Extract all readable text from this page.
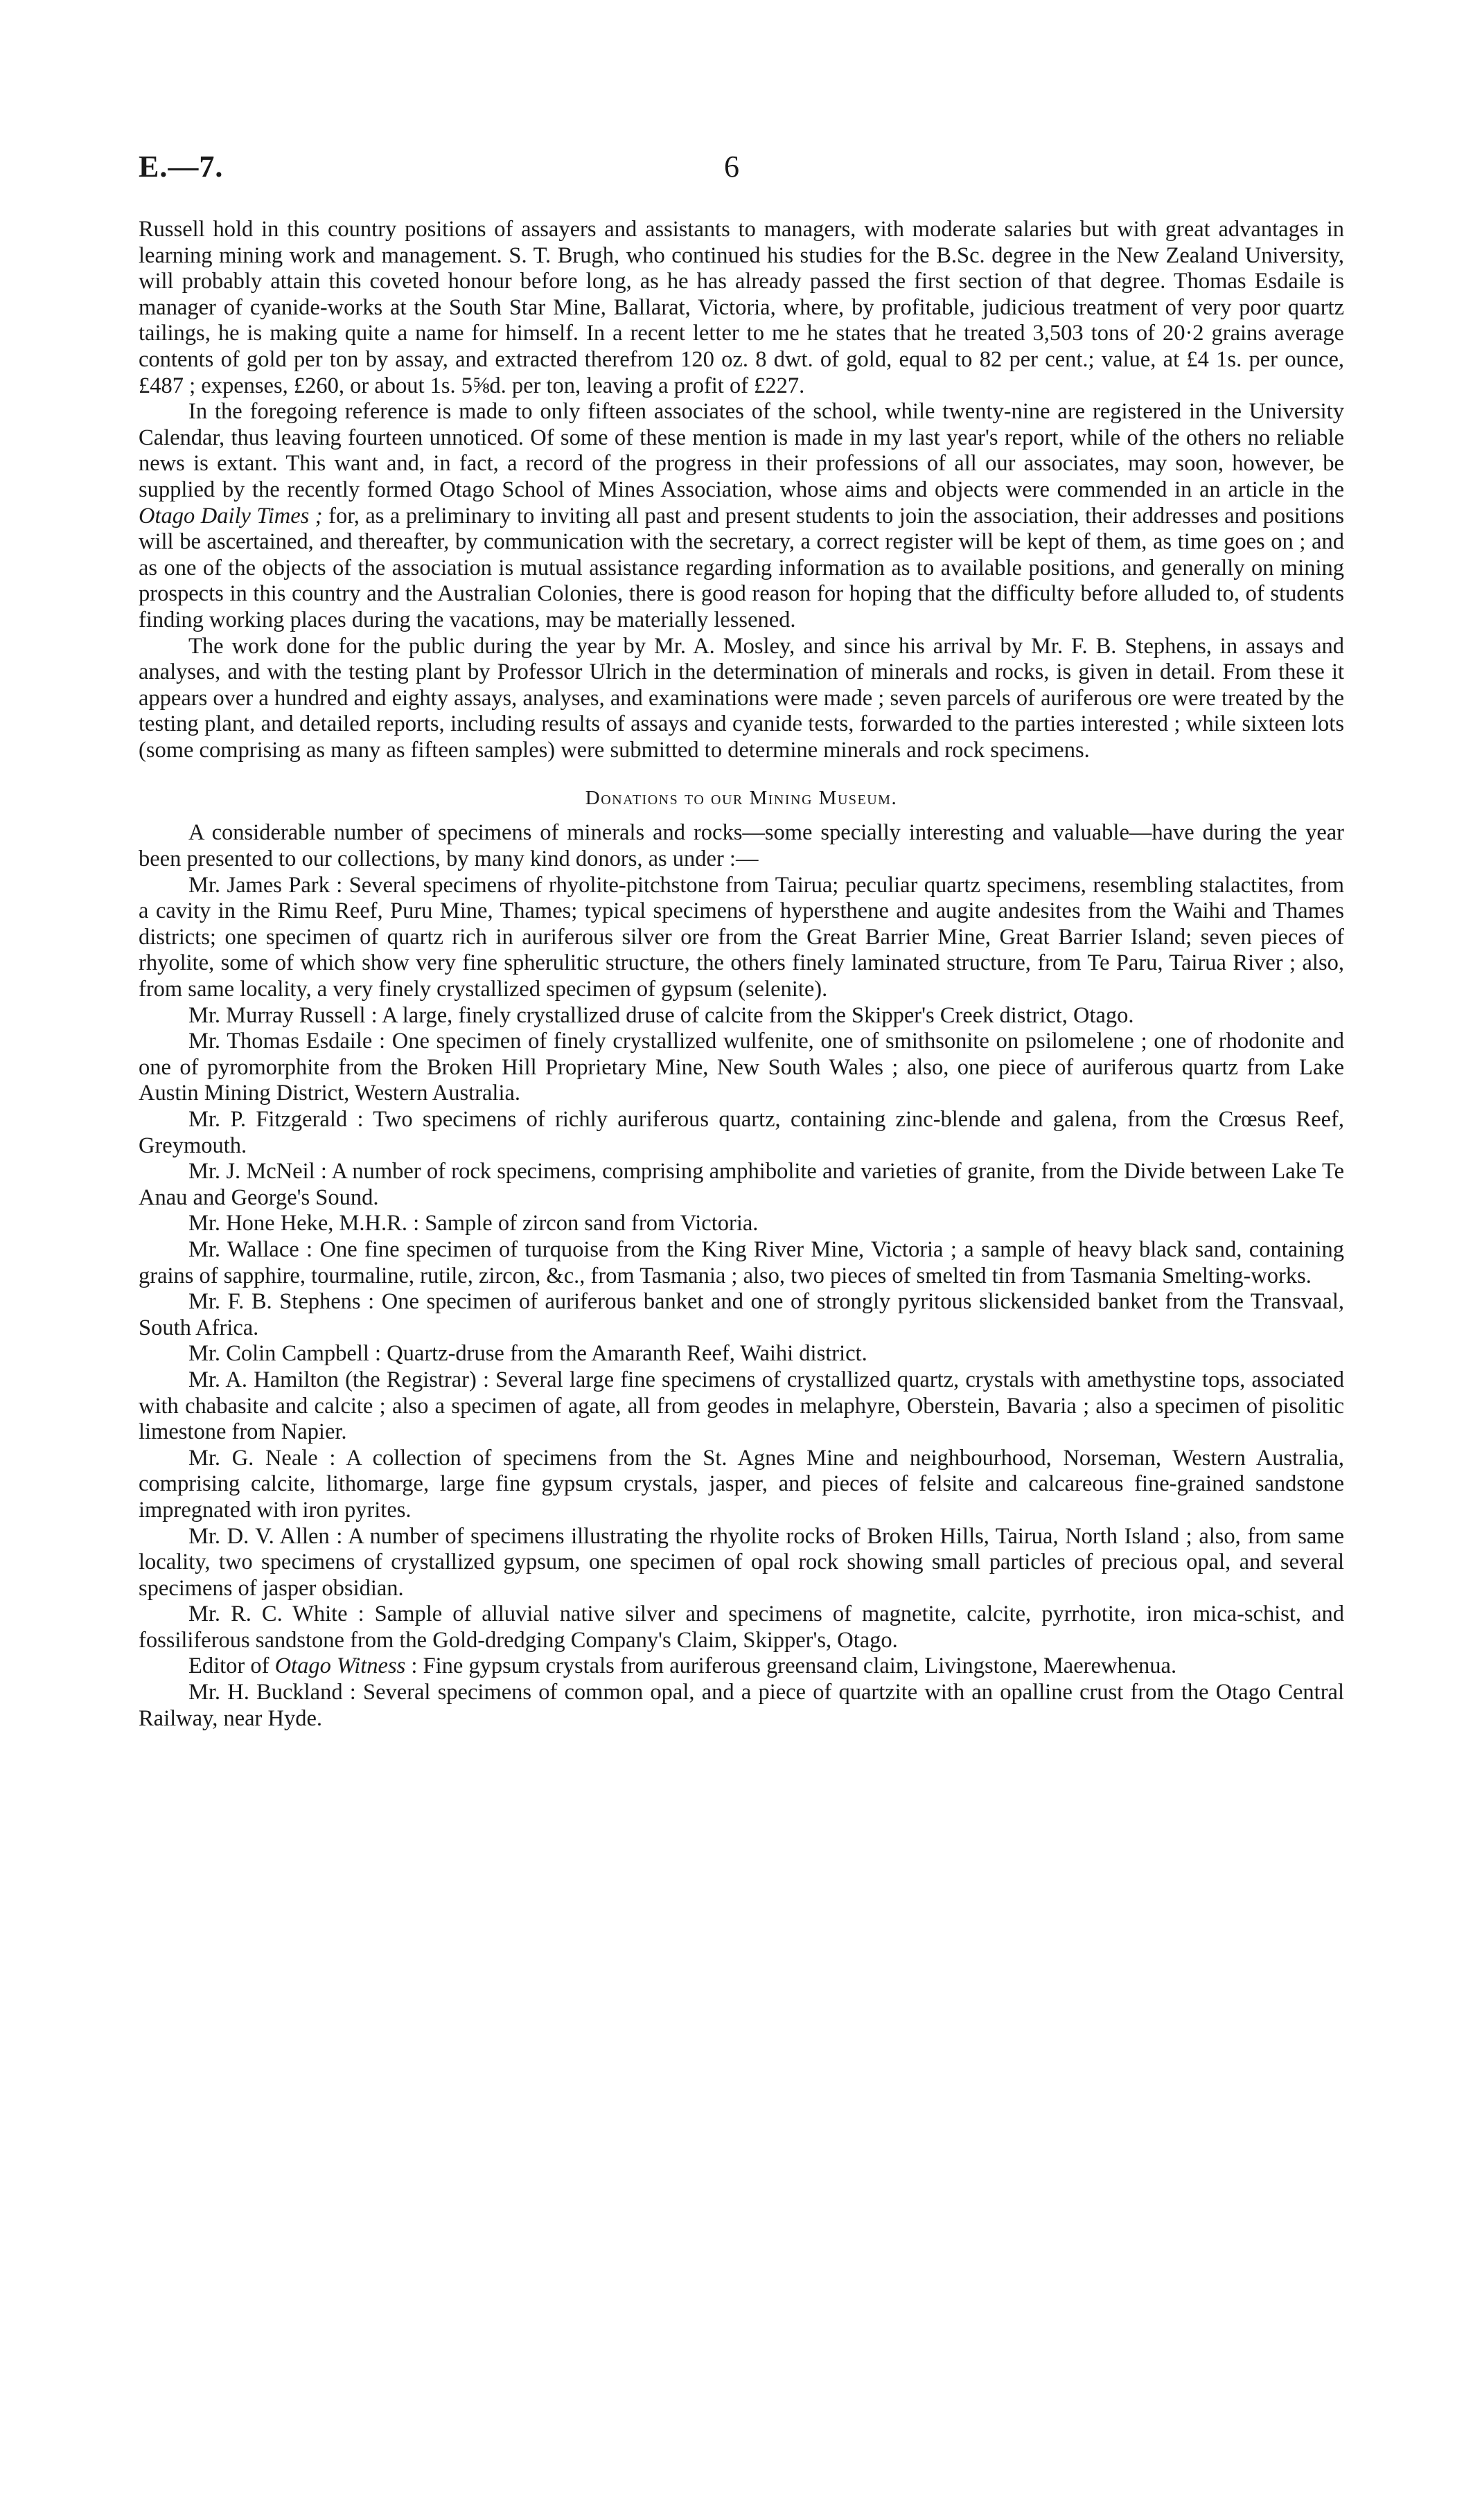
E.—7.	6

Russell hold in this country positions of assayers and assistants to managers, with moderate salaries but with great advantages in learning mining work and management. S. T. Brugh, who continued his studies for the B.Sc. degree in the New Zealand University, will probably attain this coveted honour before long, as he has already passed the first section of that degree. Thomas Esdaile is manager of cyanide-works at the South Star Mine, Ballarat, Victoria, where, by profitable, judicious treatment of very poor quartz tailings, he is making quite a name for himself. In a recent letter to me he states that he treated 3,503 tons of 20·2 grains average contents of gold per ton by assay, and extracted therefrom 120 oz. 8 dwt. of gold, equal to 82 per cent.; value, at £4 1s. per ounce, £487 ; expenses, £260, or about 1s. 5⅝d. per ton, leaving a profit of £227.

In the foregoing reference is made to only fifteen associates of the school, while twenty-nine are registered in the University Calendar, thus leaving fourteen unnoticed. Of some of these mention is made in my last year's report, while of the others no reliable news is extant. This want and, in fact, a record of the progress in their professions of all our associates, may soon, however, be supplied by the recently formed Otago School of Mines Association, whose aims and objects were commended in an article in the Otago Daily Times ; for, as a preliminary to inviting all past and present students to join the association, their addresses and positions will be ascertained, and thereafter, by communication with the secretary, a correct register will be kept of them, as time goes on ; and as one of the objects of the association is mutual assistance regarding information as to available positions, and generally on mining prospects in this country and the Australian Colonies, there is good reason for hoping that the difficulty before alluded to, of students finding working places during the vacations, may be materially lessened.

The work done for the public during the year by Mr. A. Mosley, and since his arrival by Mr. F. B. Stephens, in assays and analyses, and with the testing plant by Professor Ulrich in the determination of minerals and rocks, is given in detail. From these it appears over a hundred and eighty assays, analyses, and examinations were made ; seven parcels of auriferous ore were treated by the testing plant, and detailed reports, including results of assays and cyanide tests, forwarded to the parties interested ; while sixteen lots (some comprising as many as fifteen samples) were submitted to determine minerals and rock specimens.

Donations to our Mining Museum.

A considerable number of specimens of minerals and rocks—some specially interesting and valuable—have during the year been presented to our collections, by many kind donors, as under :—

Mr. James Park : Several specimens of rhyolite-pitchstone from Tairua; peculiar quartz specimens, resembling stalactites, from a cavity in the Rimu Reef, Puru Mine, Thames; typical specimens of hypersthene and augite andesites from the Waihi and Thames districts; one specimen of quartz rich in auriferous silver ore from the Great Barrier Mine, Great Barrier Island; seven pieces of rhyolite, some of which show very fine spherulitic structure, the others finely laminated structure, from Te Paru, Tairua River ; also, from same locality, a very finely crystallized specimen of gypsum (selenite).

Mr. Murray Russell : A large, finely crystallized druse of calcite from the Skipper's Creek district, Otago.

Mr. Thomas Esdaile : One specimen of finely crystallized wulfenite, one of smithsonite on psilomelene ; one of rhodonite and one of pyromorphite from the Broken Hill Proprietary Mine, New South Wales ; also, one piece of auriferous quartz from Lake Austin Mining District, Western Australia.

Mr. P. Fitzgerald : Two specimens of richly auriferous quartz, containing zinc-blende and galena, from the Crœsus Reef, Greymouth.

Mr. J. McNeil : A number of rock specimens, comprising amphibolite and varieties of granite, from the Divide between Lake Te Anau and George's Sound.

Mr. Hone Heke, M.H.R. : Sample of zircon sand from Victoria.

Mr. Wallace : One fine specimen of turquoise from the King River Mine, Victoria ; a sample of heavy black sand, containing grains of sapphire, tourmaline, rutile, zircon, &c., from Tasmania ; also, two pieces of smelted tin from Tasmania Smelting-works.

Mr. F. B. Stephens : One specimen of auriferous banket and one of strongly pyritous slickensided banket from the Transvaal, South Africa.

Mr. Colin Campbell : Quartz-druse from the Amaranth Reef, Waihi district.

Mr. A. Hamilton (the Registrar) : Several large fine specimens of crystallized quartz, crystals with amethystine tops, associated with chabasite and calcite ; also a specimen of agate, all from geodes in melaphyre, Oberstein, Bavaria ; also a specimen of pisolitic limestone from Napier.

Mr. G. Neale : A collection of specimens from the St. Agnes Mine and neighbourhood, Norseman, Western Australia, comprising calcite, lithomarge, large fine gypsum crystals, jasper, and pieces of felsite and calcareous fine-grained sandstone impregnated with iron pyrites.

Mr. D. V. Allen : A number of specimens illustrating the rhyolite rocks of Broken Hills, Tairua, North Island ; also, from same locality, two specimens of crystallized gypsum, one specimen of opal rock showing small particles of precious opal, and several specimens of jasper obsidian.

Mr. R. C. White : Sample of alluvial native silver and specimens of magnetite, calcite, pyrrhotite, iron mica-schist, and fossiliferous sandstone from the Gold-dredging Company's Claim, Skipper's, Otago.

Editor of Otago Witness : Fine gypsum crystals from auriferous greensand claim, Livingstone, Maerewhenua.

Mr. H. Buckland : Several specimens of common opal, and a piece of quartzite with an opalline crust from the Otago Central Railway, near Hyde.
